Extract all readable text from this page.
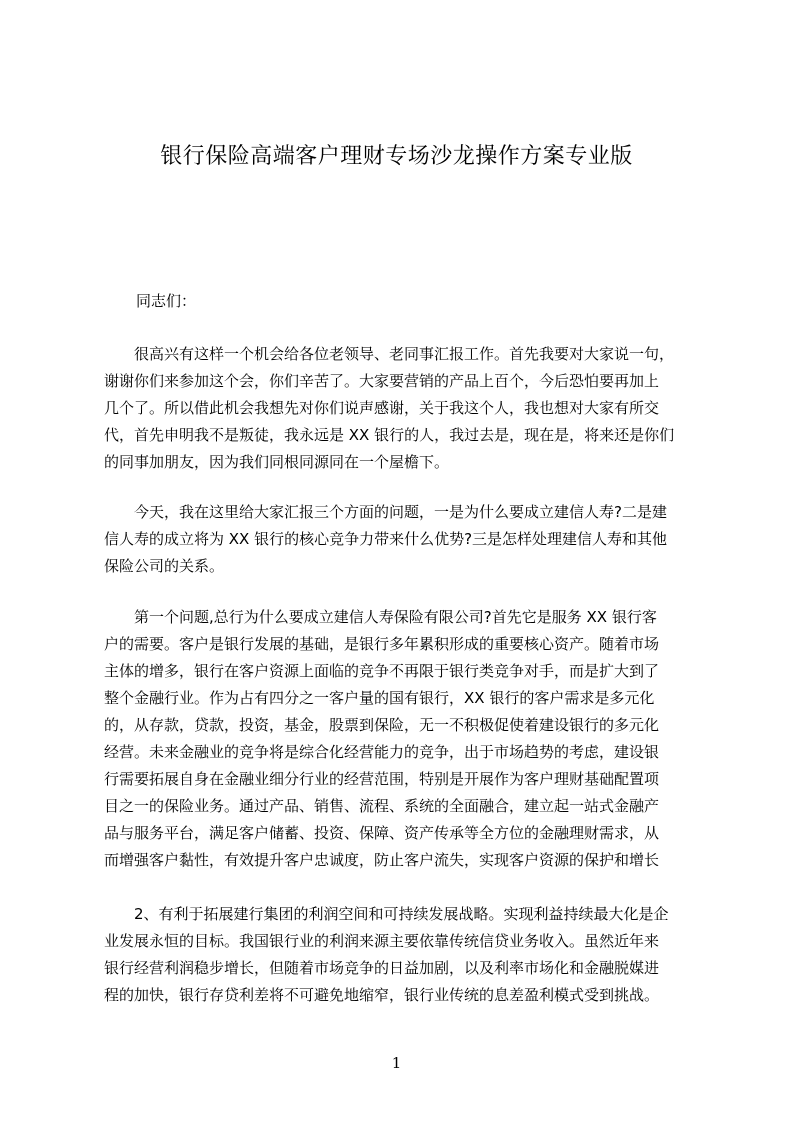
银行保险高端客户理财专场沙龙操作方案专业版
同志们：
　　很高兴有这样一个机会给各位老领导、老同事汇报工作。首先我要对大家说一句，
谢谢你们来参加这个会，你们辛苦了。大家要营销的产品上百个，今后恐怕要再加上
几个了。所以借此机会我想先对你们说声感谢，关于我这个人，我也想对大家有所交
代，首先申明我不是叛徒，我永远是 XX 银行的人，我过去是，现在是，将来还是你们
的同事加朋友，因为我们同根同源同在一个屋檐下。
　　今天，我在这里给大家汇报三个方面的问题，一是为什么要成立建信人寿?二是建
信人寿的成立将为 XX 银行的核心竞争力带来什么优势?三是怎样处理建信人寿和其他
保险公司的关系。
　　第一个问题,总行为什么要成立建信人寿保险有限公司?首先它是服务 XX 银行客
户的需要。客户是银行发展的基础，是银行多年累积形成的重要核心资产。随着市场
主体的增多，银行在客户资源上面临的竞争不再限于银行类竞争对手，而是扩大到了
整个金融行业。作为占有四分之一客户量的国有银行，XX 银行的客户需求是多元化
的，从存款，贷款，投资，基金，股票到保险，无一不积极促使着建设银行的多元化
经营。未来金融业的竞争将是综合化经营能力的竞争，出于市场趋势的考虑，建设银
行需要拓展自身在金融业细分行业的经营范围，特别是开展作为客户理财基础配置项
目之一的保险业务。通过产品、销售、流程、系统的全面融合，建立起一站式金融产
品与服务平台，满足客户储蓄、投资、保障、资产传承等全方位的金融理财需求，从
而增强客户黏性，有效提升客户忠诚度，防止客户流失，实现客户资源的保护和增长
　　2、有利于拓展建行集团的利润空间和可持续发展战略。实现利益持续最大化是企
业发展永恒的目标。我国银行业的利润来源主要依靠传统信贷业务收入。虽然近年来
银行经营利润稳步增长，但随着市场竞争的日益加剧，以及利率市场化和金融脱媒进
程的加快，银行存贷利差将不可避免地缩窄，银行业传统的息差盈利模式受到挑战。
1
